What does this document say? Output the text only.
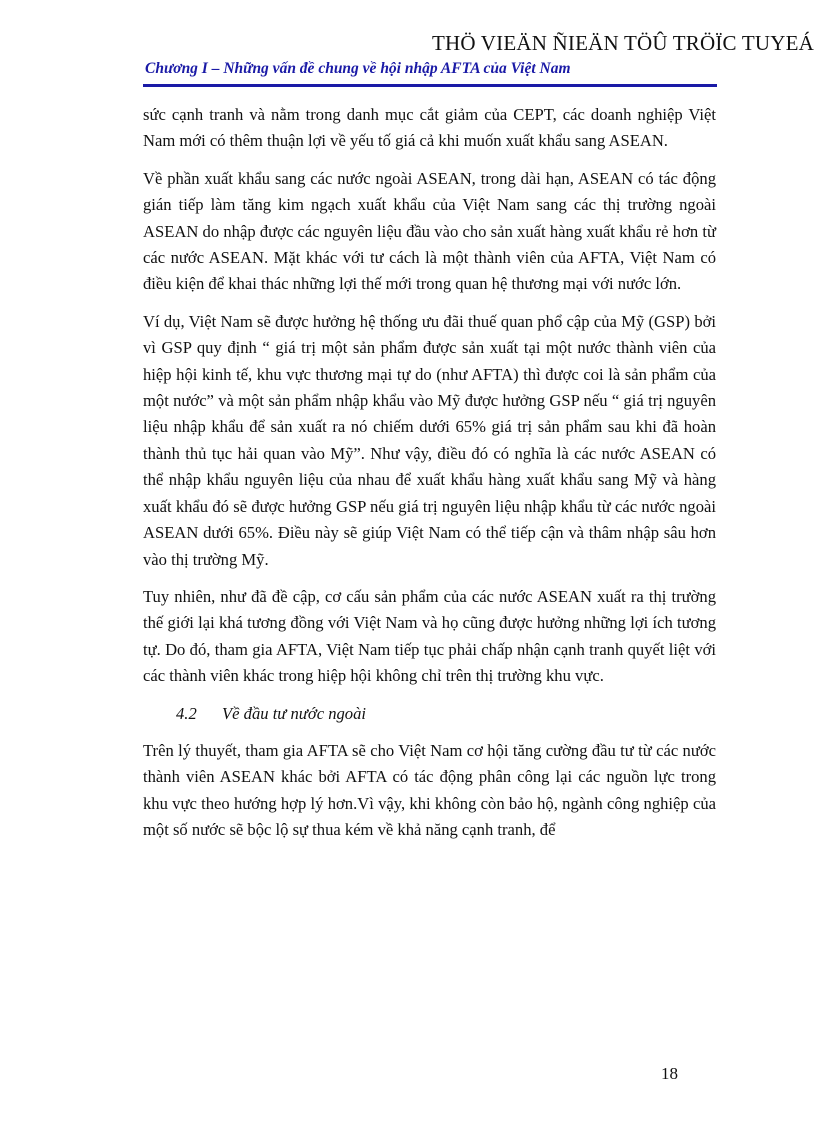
THÖ VIEÄN ÑIEÄN TÖÛ TRÖÏC TUYEÁ
Chương I – Những vấn đề chung về hội nhập AFTA của Việt Nam

sức cạnh tranh và nằm trong danh mục cắt giảm của CEPT, các doanh nghiệp Việt Nam mới có thêm thuận lợi về yếu tố giá cả khi muốn xuất khẩu sang ASEAN.

Về phần xuất khẩu sang các nước ngoài ASEAN, trong dài hạn, ASEAN có tác động gián tiếp làm tăng kim ngạch xuất khẩu của Việt Nam sang các thị trường ngoài ASEAN do nhập được các nguyên liệu đầu vào cho sản xuất hàng xuất khẩu rẻ hơn từ các nước ASEAN. Mặt khác với tư cách là một thành viên của AFTA, Việt Nam có điều kiện để khai thác những lợi thế mới trong quan hệ thương mại với nước lớn.

Ví dụ, Việt Nam sẽ được hưởng hệ thống ưu đãi thuế quan phổ cập của Mỹ (GSP) bởi vì GSP quy định “ giá trị một sản phẩm được sản xuất tại một nước thành viên của hiệp hội kinh tế, khu vực thương mại tự do (như AFTA) thì được coi là sản phẩm của một nước” và một sản phẩm nhập khẩu vào Mỹ được hưởng GSP nếu “ giá trị nguyên liệu nhập khẩu để sản xuất ra nó chiếm dưới 65% giá trị sản phẩm sau khi đã hoàn thành thủ tục hải quan vào Mỹ”. Như vậy, điều đó có nghĩa là các nước ASEAN có thể nhập khẩu nguyên liệu của nhau để xuất khẩu hàng xuất khẩu sang Mỹ và hàng xuất khẩu đó sẽ được hưởng GSP nếu giá trị nguyên liệu nhập khẩu từ các nước ngoài ASEAN dưới 65%. Điều này sẽ giúp Việt Nam có thể tiếp cận và thâm nhập sâu hơn vào thị trường Mỹ.

Tuy nhiên, như đã đề cập, cơ cấu sản phẩm của các nước ASEAN xuất ra thị trường thế giới lại khá tương đồng với Việt Nam và họ cũng được hưởng những lợi ích tương tự. Do đó, tham gia AFTA, Việt Nam tiếp tục phải chấp nhận cạnh tranh quyết liệt với các thành viên khác trong hiệp hội không chỉ trên thị trường khu vực.

4.2 Về đầu tư nước ngoài

Trên lý thuyết, tham gia AFTA sẽ cho Việt Nam cơ hội tăng cường đầu tư từ các nước thành viên ASEAN khác bởi AFTA có tác động phân công lại các nguồn lực trong khu vực theo hướng hợp lý hơn.Vì vậy, khi không còn bảo hộ, ngành công nghiệp của một số nước sẽ bộc lộ sự thua kém về khả năng cạnh tranh, để

18
